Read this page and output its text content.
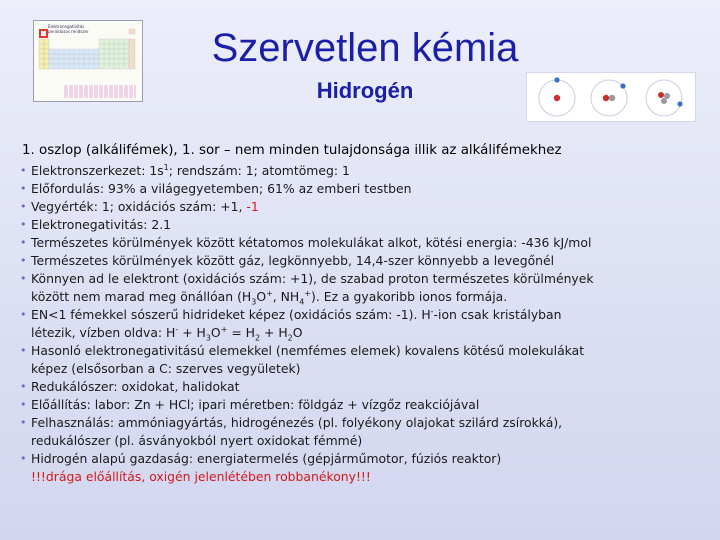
Elektronegativitás
periódusos rendszer	Szervetlen kémia
Hidrogén
1. oszlop (alkálifémek), 1. sor – nem minden tulajdonsága illik az alkálifémekhez
• Elektronszerkezet: $1s^1$; rendszám: 1; atomtömeg: 1
• Előfordulás: 93% a világegyetemben; 61% az emberi testben
• Vegyérték: 1; oxidációs szám: +1, -1
• Elektronegativitás: 2.1
• Természetes körülmények között kétatomos molekulákat alkot, kötési energia: -436 kJ/mol
• Természetes körülmények között gáz, legkönnyebb, 14,4-szer könnyebb a levegőnél
• Könnyen ad le elektront (oxidációs szám: +1), de szabad proton természetes körülmények
között nem marad meg önállóan ($H_3O^+$, $NH_4^+$). Ez a gyakoribb ionos formája.
• EN<1 fémekkel sószerű hidrideket képez (oxidációs szám: -1). H--ion csak kristályban
létezik, vízben oldva: $H^- + H_3O^+ = H_2 + H_2O$
• Hasonló elektronegativitású elemekkel (nemfémes elemek) kovalens kötésű molekulákat
képez (elsősorban a C: szerves vegyületek)
• Redukálószer: oxidokat, halidokat
• Előállítás: labor: Zn + HCl; ipari méretben: földgáz + vízgőz reakciójával
• Felhasználás: ammóniagyártás, hidrogénezés (pl. folyékony olajokat szilárd zsírokká),
redukálószer (pl. ásványokból nyert oxidokat fémmé)
• Hidrogén alapú gazdaság: energiatermelés (gépjárműmotor, fúziós reaktor)
!!!drága előállítás, oxigén jelenlétében robbanékony!!!
